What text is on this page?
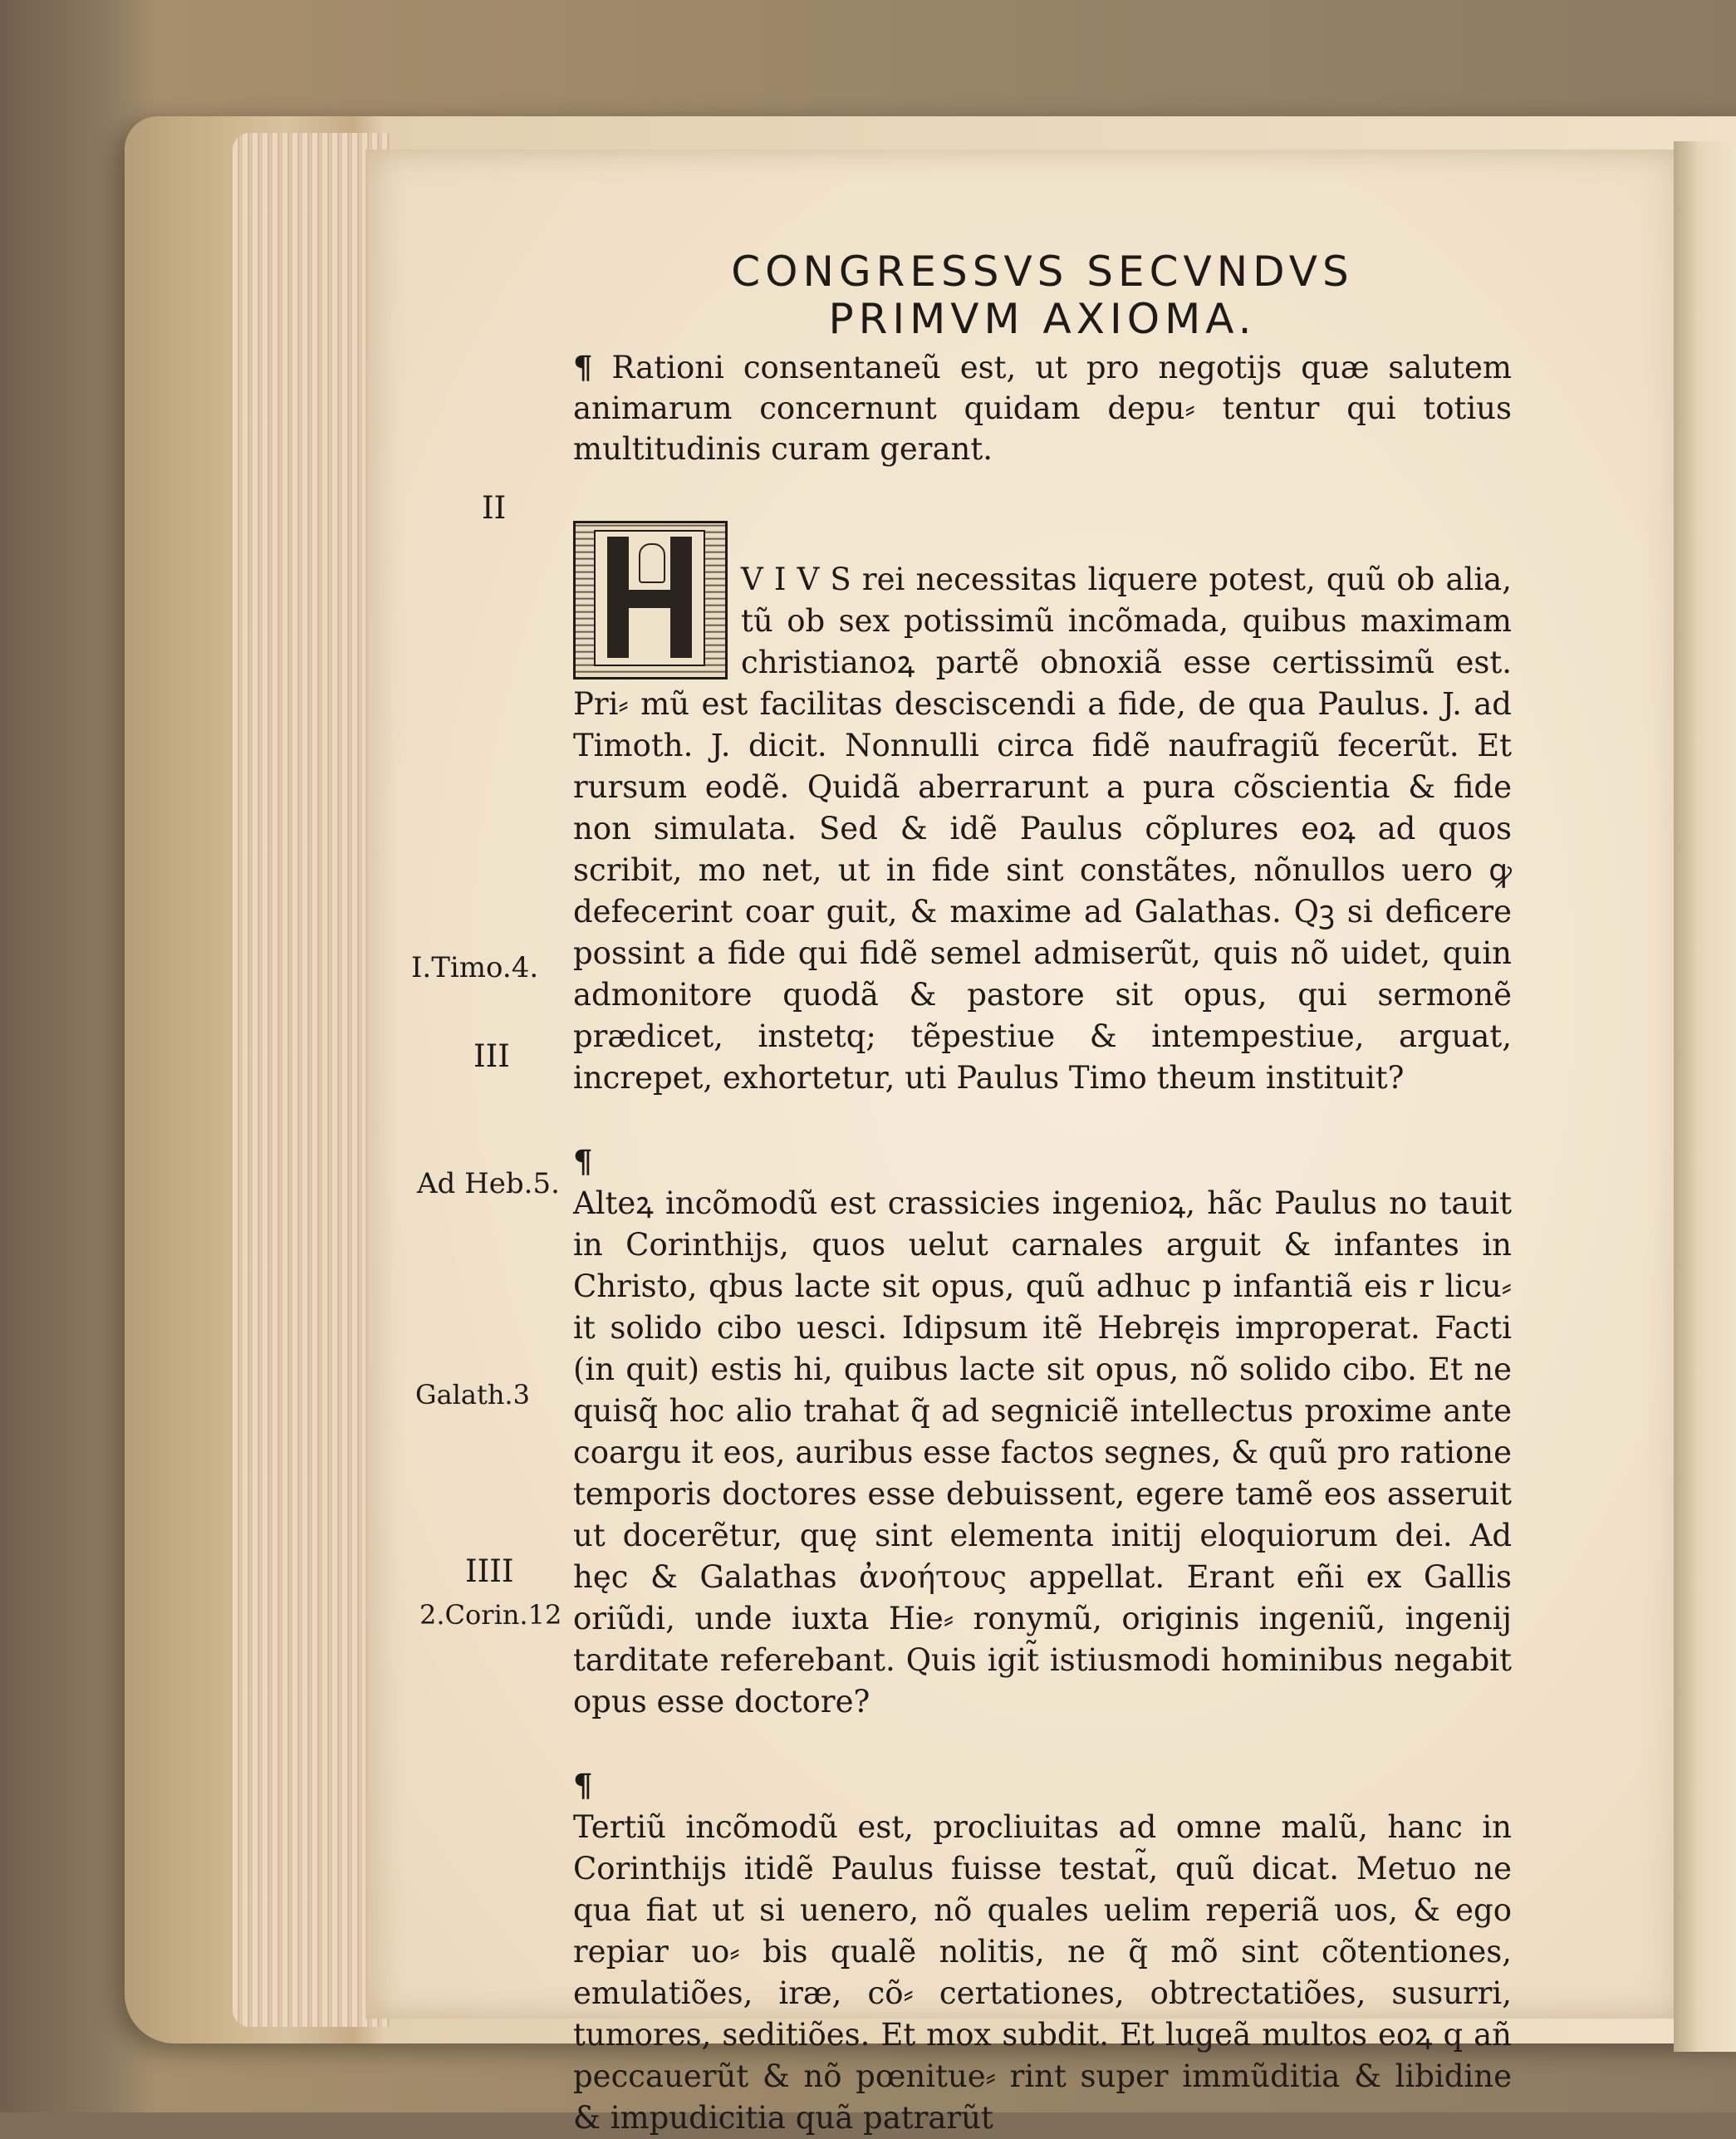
CONGRESSVS SECVNDVS
PRIMVM AXIOMA.

¶ Rationi consentaneũ est, ut pro negotijs quæ salutem animarum concernunt quidam depu⸗ tentur qui totius multitudinis curam gerant.

V I V S rei necessitas liquere potest, quũ ob alia, tũ ob sex potissimũ incõmada, quibus maximam christianoꝝ partẽ obnoxiã esse certissimũ est. Pri⸗ mũ est facilitas desciscendi a fide, de qua Paulus. J. ad Timoth. J. dicit. Nonnulli circa fidẽ naufragiũ fecerũt. Et rursum eodẽ. Quidã aberrarunt a pura cõscientia & fide non simulata. Sed & idẽ Paulus cõplures eoꝝ ad quos scribit, mo net, ut in fide sint constãtes, nõnullos uero ꝙ defecerint coar guit, & maxime ad Galathas. Qꝫ si deficere possint a fide qui fidẽ semel admiserũt, quis nõ uidet, quin admonitore quodã & pastore sit opus, qui sermonẽ prædicet, instetq; tẽpestiue & intempestiue, arguat, increpet, exhortetur, uti Paulus Timo theum instituit?

¶
Alteꝝ incõmodũ est crassicies ingenioꝝ, hãc Paulus no tauit in Corinthijs, quos uelut carnales arguit & infantes in Christo, qbus lacte sit opus, quũ adhuc p infantiã eis r licu⸗ it solido cibo uesci. Idipsum itẽ Hebręis improperat. Facti (in quit) estis hi, quibus lacte sit opus, nõ solido cibo. Et ne quisq̃ hoc alio trahat q̃ ad segniciẽ intellectus proxime ante coargu it eos, auribus esse factos segnes, & quũ pro ratione temporis doctores esse debuissent, egere tamẽ eos asseruit ut docerẽtur, quę sint elementa initij eloquiorum dei. Ad hęc & Galathas ἀνοήτους appellat. Erant eñi ex Gallis oriũdi, unde iuxta Hie⸗ ronymũ, originis ingeniũ, ingenij tarditate referebant. Quis igit̃ istiusmodi hominibus negabit opus esse doctore?

¶
Tertiũ incõmodũ est, procliuitas ad omne malũ, hanc in Corinthijs itidẽ Paulus fuisse testat̃, quũ dicat. Metuo ne qua fiat ut si uenero, nõ quales uelim reperiã uos, & ego repiar uo⸗ bis qualẽ nolitis, ne q̃ mõ sint cõtentiones, emulatiões, iræ, cõ⸗ certationes, obtrectatiões, susurri, tumores, seditiões. Et mox subdit. Et lugeã multos eoꝝ q añ peccauerũt & nõ pœnitue⸗ rint super immũditia & libidine & impudicitia quã patrarũt

II
I.Timo.4.
III
Ad Heb.5.
Galath.3
IIII
2.Corin.12
